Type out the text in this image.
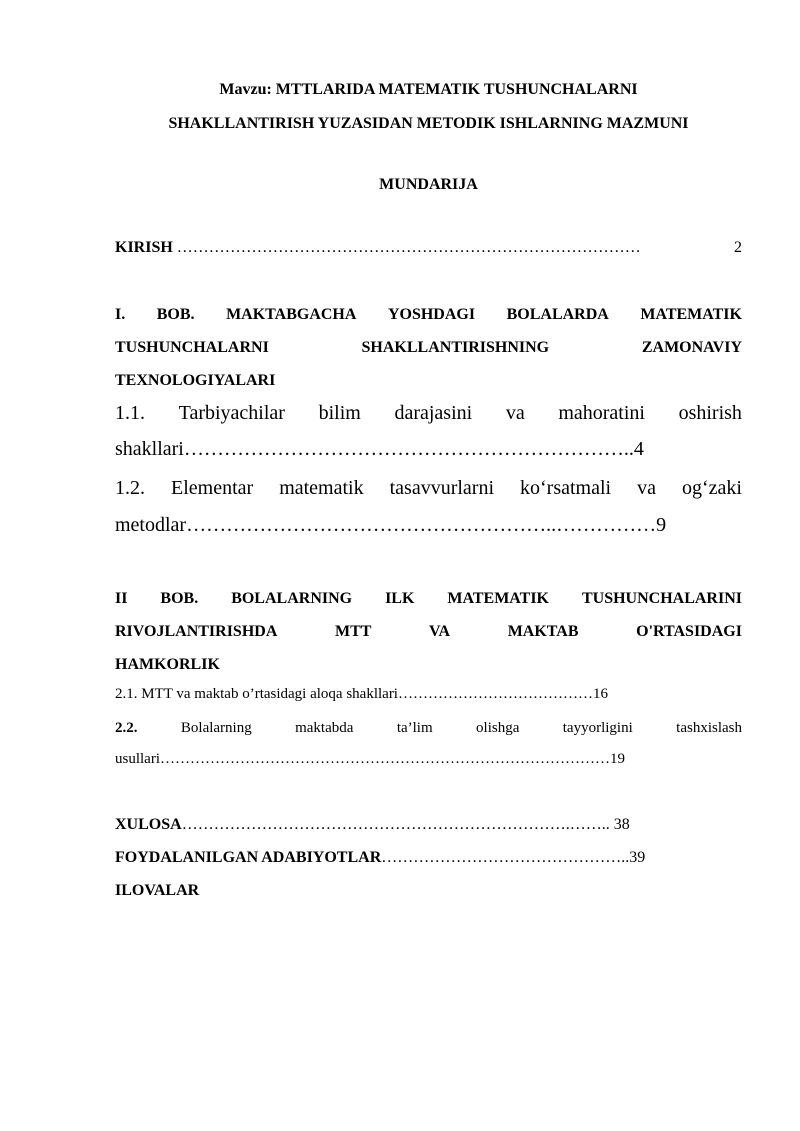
Mavzu: MTTLARIDA MATEMATIK TUSHUNCHALARNI
SHAKLLANTIRISH YUZASIDAN METODIK ISHLARNING MAZMUNI
MUNDARIJA
KIRISH ……………………………………………………………………………	2
I. BOB. MAKTABGACHA YOSHDAGI BOLALARDA MATEMATIK
TUSHUNCHALARNI	SHAKLLANTIRISHNING	ZAMONAVIY
TEXNOLOGIYALARI
1.1. Tarbiyachilar bilim darajasini va mahoratini oshirish
shakllari…………………………………………………………..4
1.2. Elementar matematik tasavvurlarni ko‘rsatmali va og‘zaki
metodlar………………………………………………..……………9
II BOB. BOLALARNING ILK MATEMATIK TUSHUNCHALARINI
RIVOJLANTIRISHDA	MTT	VA	MAKTAB	O'RTASIDAGI
HAMKORLIK
2.1. MTT va maktab o’rtasidagi aloqa shakllari…………………………………16
2.2.	Bolalarning	maktabda	ta’lim	olishga	tayyorligini	tashxislash
usullari………………………………………………………………………………19
XULOSA……………………………………………………………….…….. 38
FOYDALANILGAN ADABIYOTLAR………………………………………..39
ILOVALAR
